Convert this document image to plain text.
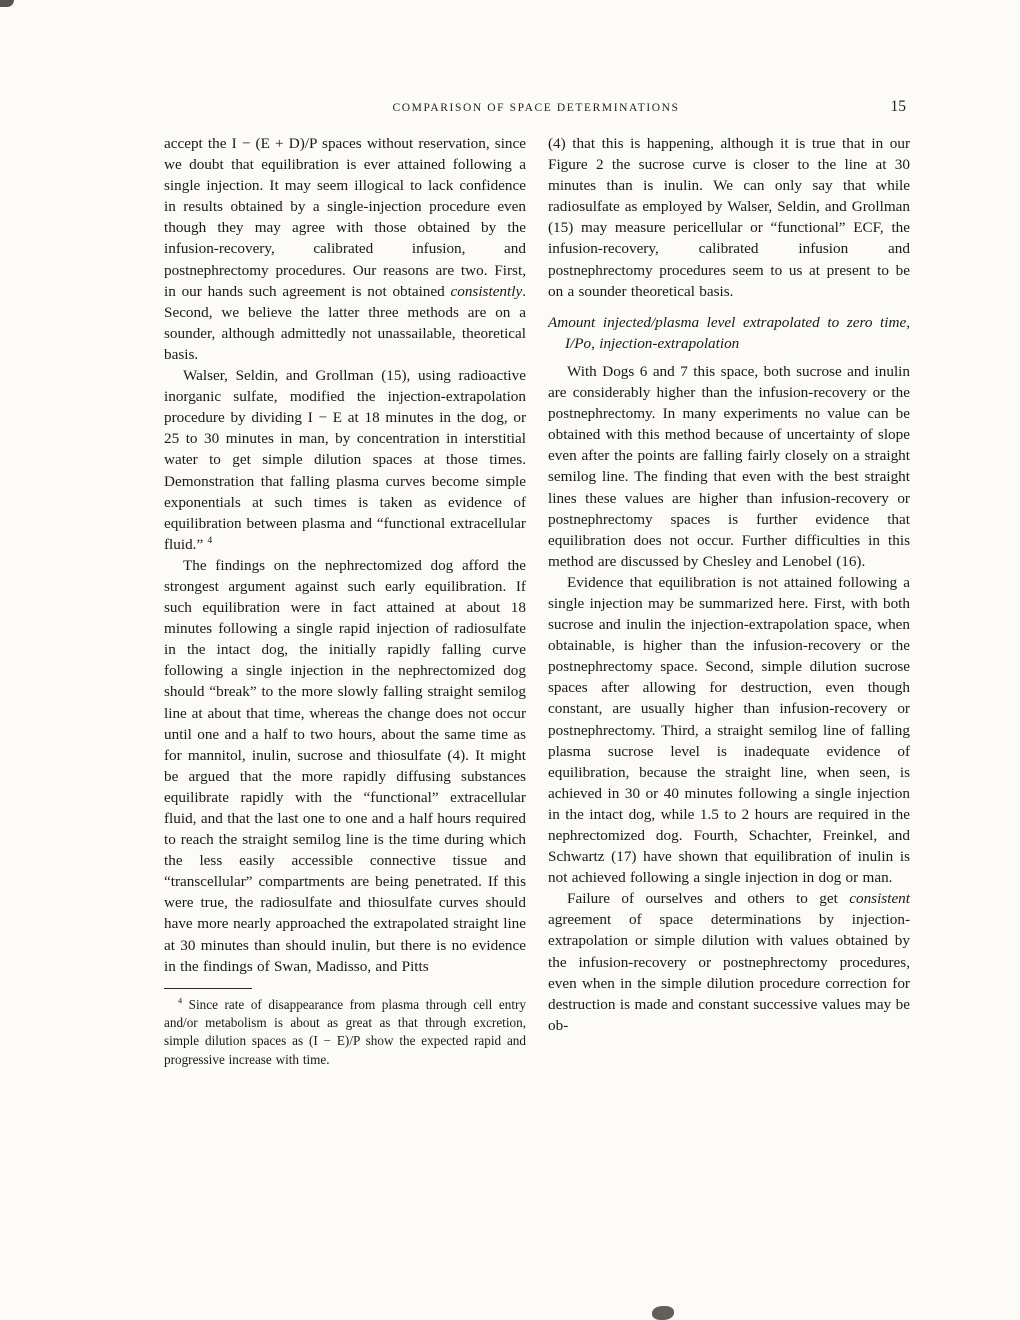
COMPARISON OF SPACE DETERMINATIONS	15

accept the I − (E + D)/P spaces without reservation, since we doubt that equilibration is ever attained following a single injection. It may seem illogical to lack confidence in results obtained by a single-injection procedure even though they may agree with those obtained by the infusion-recovery, calibrated infusion, and postnephrectomy procedures. Our reasons are two. First, in our hands such agreement is not obtained consistently. Second, we believe the latter three methods are on a sounder, although admittedly not unassailable, theoretical basis.

Walser, Seldin, and Grollman (15), using radioactive inorganic sulfate, modified the injection-extrapolation procedure by dividing I − E at 18 minutes in the dog, or 25 to 30 minutes in man, by concentration in interstitial water to get simple dilution spaces at those times. Demonstration that falling plasma curves become simple exponentials at such times is taken as evidence of equilibration between plasma and “functional extracellular fluid.” $^4$

The findings on the nephrectomized dog afford the strongest argument against such early equilibration. If such equilibration were in fact attained at about 18 minutes following a single rapid injection of radiosulfate in the intact dog, the initially rapidly falling curve following a single injection in the nephrectomized dog should “break” to the more slowly falling straight semilog line at about that time, whereas the change does not occur until one and a half to two hours, about the same time as for mannitol, inulin, sucrose and thiosulfate (4). It might be argued that the more rapidly diffusing substances equilibrate rapidly with the “functional” extracellular fluid, and that the last one to one and a half hours required to reach the straight semilog line is the time during which the less easily accessible connective tissue and “transcellular” compartments are being penetrated. If this were true, the radiosulfate and thiosulfate curves should have more nearly approached the extrapolated straight line at 30 minutes than should inulin, but there is no evidence in the findings of Swan, Madisso, and Pitts

$^4$ Since rate of disappearance from plasma through cell entry and/or metabolism is about as great as that through excretion, simple dilution spaces as (I − E)/P show the expected rapid and progressive increase with time.

(4) that this is happening, although it is true that in our Figure 2 the sucrose curve is closer to the line at 30 minutes than is inulin. We can only say that while radiosulfate as employed by Walser, Seldin, and Grollman (15) may measure pericellular or “functional” ECF, the infusion-recovery, calibrated infusion and postnephrectomy procedures seem to us at present to be on a sounder theoretical basis.

Amount injected/plasma level extrapolated to zero time, I/Po, injection-extrapolation

With Dogs 6 and 7 this space, both sucrose and inulin are considerably higher than the infusion-recovery or the postnephrectomy. In many experiments no value can be obtained with this method because of uncertainty of slope even after the points are falling fairly closely on a straight semilog line. The finding that even with the best straight lines these values are higher than infusion-recovery or postnephrectomy spaces is further evidence that equilibration does not occur. Further difficulties in this method are discussed by Chesley and Lenobel (16).

Evidence that equilibration is not attained following a single injection may be summarized here. First, with both sucrose and inulin the injection-extrapolation space, when obtainable, is higher than the infusion-recovery or the postnephrectomy space. Second, simple dilution sucrose spaces after allowing for destruction, even though constant, are usually higher than infusion-recovery or postnephrectomy. Third, a straight semilog line of falling plasma sucrose level is inadequate evidence of equilibration, because the straight line, when seen, is achieved in 30 or 40 minutes following a single injection in the intact dog, while 1.5 to 2 hours are required in the nephrectomized dog. Fourth, Schachter, Freinkel, and Schwartz (17) have shown that equilibration of inulin is not achieved following a single injection in dog or man.

Failure of ourselves and others to get consistent agreement of space determinations by injection-extrapolation or simple dilution with values obtained by the infusion-recovery or postnephrectomy procedures, even when in the simple dilution procedure correction for destruction is made and constant successive values may be ob-
